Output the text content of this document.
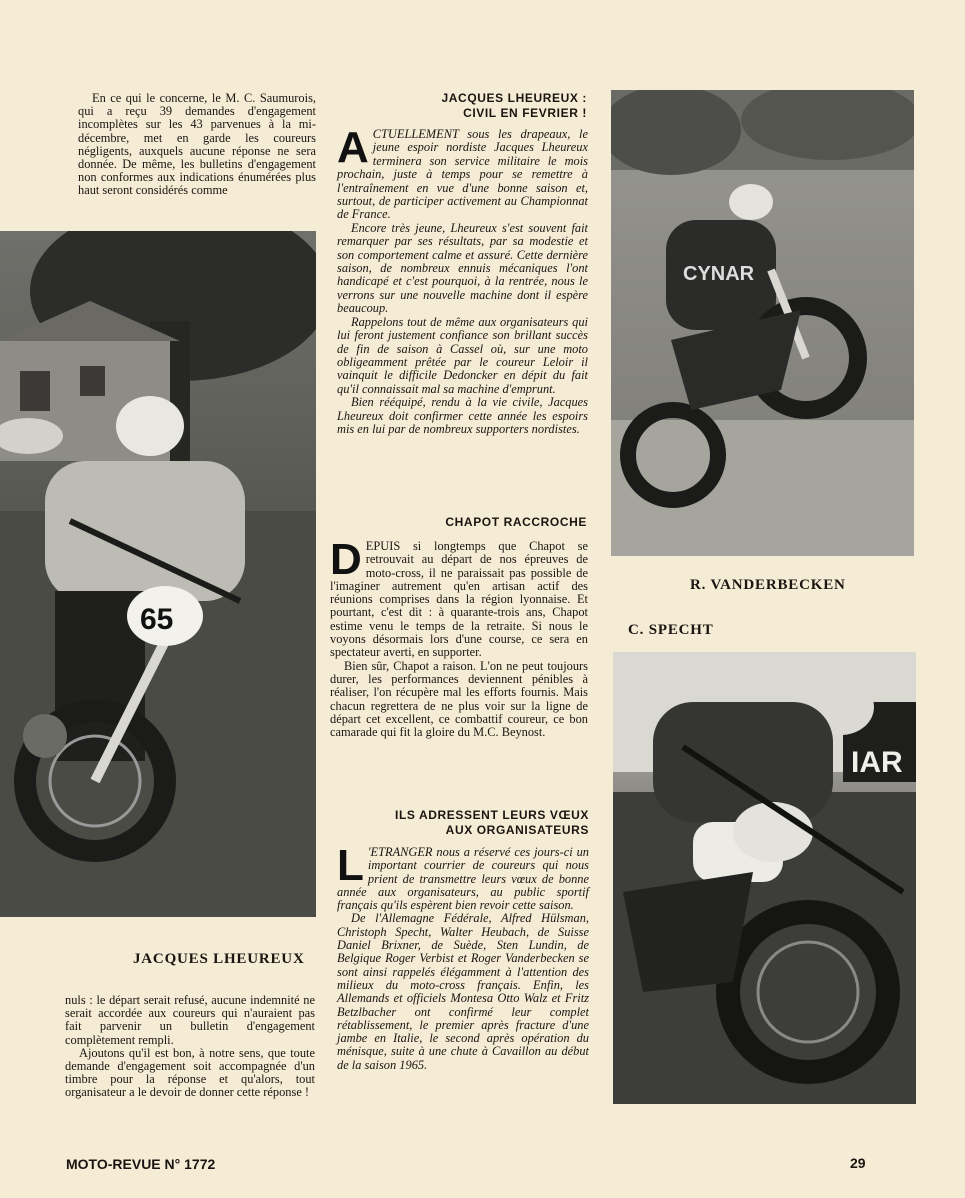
En ce qui le concerne, le M. C. Saumurois, qui a reçu 39 demandes d'engagement incomplètes sur les 43 parvenues à la mi-décembre, met en garde les coureurs négligents, auxquels aucune réponse ne sera donnée. De même, les bulletins d'engagement non conformes aux indications énumérées plus haut seront considérés comme

65
JACQUES LHEUREUX

nuls : le départ serait refusé, aucune indemnité ne serait accordée aux coureurs qui n'auraient pas fait parvenir un bulletin d'engagement complètement rempli.

Ajoutons qu'il est bon, à notre sens, que toute demande d'engagement soit accompagnée d'un timbre pour la réponse et qu'alors, tout organisateur a le devoir de donner cette réponse !

JACQUES LHEUREUX :
CIVIL EN FEVRIER !

ACTUELLEMENT sous les drapeaux, le jeune espoir nordiste Jacques Lheureux terminera son service militaire le mois prochain, juste à temps pour se remettre à l'entraînement en vue d'une bonne saison et, surtout, de participer activement au Championnat de France.

Encore très jeune, Lheureux s'est souvent fait remarquer par ses résultats, par sa modestie et son comportement calme et assuré. Cette dernière saison, de nombreux ennuis mécaniques l'ont handicapé et c'est pourquoi, à la rentrée, nous le verrons sur une nouvelle machine dont il espère beaucoup.

Rappelons tout de même aux organisateurs qui lui feront justement confiance son brillant succès de fin de saison à Cassel où, sur une moto obligeamment prêtée par le coureur Leloir il vainquit le difficile Dedoncker en dépit du fait qu'il connaissait mal sa machine d'emprunt.

Bien rééquipé, rendu à la vie civile, Jacques Lheureux doit confirmer cette année les espoirs mis en lui par de nombreux supporters nordistes.

CHAPOT RACCROCHE

DEPUIS si longtemps que Chapot se retrouvait au départ de nos épreuves de moto-cross, il ne paraissait pas possible de l'imaginer autrement qu'en artisan actif des réunions comprises dans la région lyonnaise. Et pourtant, c'est dit : à quarante-trois ans, Chapot estime venu le temps de la retraite. Si nous le voyons désormais lors d'une course, ce sera en spectateur averti, en supporter.

Bien sûr, Chapot a raison. L'on ne peut toujours durer, les performances deviennent pénibles à réaliser, l'on récupère mal les efforts fournis. Mais chacun regrettera de ne plus voir sur la ligne de départ cet excellent, ce combattif coureur, ce bon camarade qui fit la gloire du M.C. Beynost.

ILS ADRESSENT LEURS VŒUX
AUX ORGANISATEURS

L 'ETRANGER nous a réservé ces jours-ci un important courrier de coureurs qui nous prient de transmettre leurs vœux de bonne année aux organisateurs, au public sportif français qu'ils espèrent bien revoir cette saison.

De l'Allemagne Fédérale, Alfred Hülsman, Christoph Specht, Walter Heubach, de Suisse Daniel Brixner, de Suède, Sten Lundin, de Belgique Roger Verbist et Roger Vanderbecken se sont ainsi rappelés élégamment à l'attention des milieux du moto-cross français. Enfin, les Allemands et officiels Montesa Otto Walz et Fritz Betzlbacher ont confirmé leur complet rétablissement, le premier après fracture d'une jambe en Italie, le second après opération du ménisque, suite à une chute à Cavaillon au début de la saison 1965.

CYNAR
R. VANDERBECKEN
C. SPECHT
IAR
MOTO-REVUE N° 1772	29
